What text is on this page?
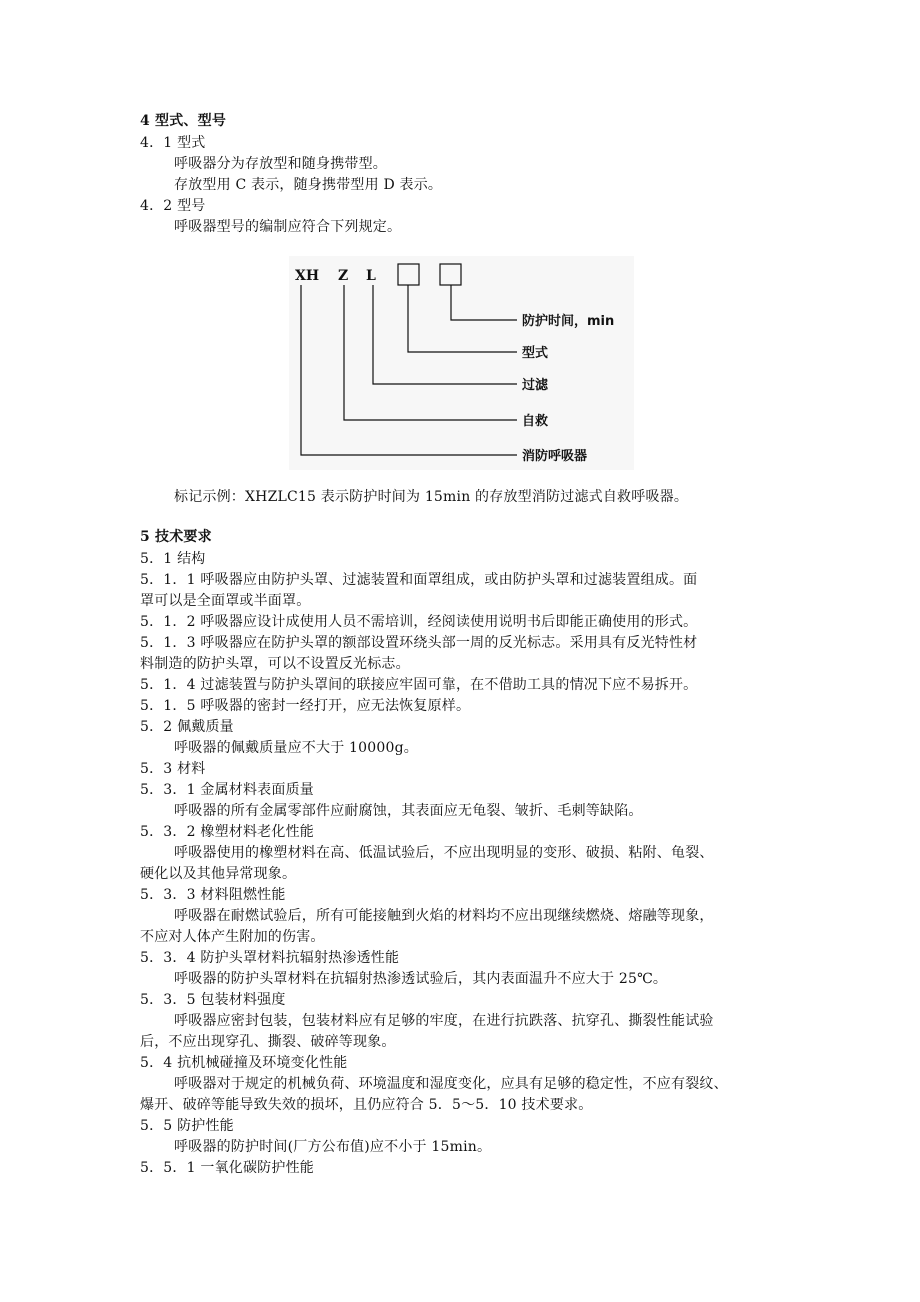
4 型式、型号
4．1 型式
呼吸器分为存放型和随身携带型。
存放型用 C 表示，随身携带型用 D 表示。
4．2 型号
呼吸器型号的编制应符合下列规定。
XH Z L
防护时间，min
型式
过滤
自救
消防呼吸器
标记示例：XHZLC15 表示防护时间为 15min 的存放型消防过滤式自救呼吸器。
5 技术要求
5．1 结构
5．1．1 呼吸器应由防护头罩、过滤装置和面罩组成，或由防护头罩和过滤装置组成。面
罩可以是全面罩或半面罩。
5．1．2 呼吸器应设计成使用人员不需培训，经阅读使用说明书后即能正确使用的形式。
5．1．3 呼吸器应在防护头罩的额部设置环绕头部一周的反光标志。采用具有反光特性材
料制造的防护头罩，可以不设置反光标志。
5．1．4 过滤装置与防护头罩间的联接应牢固可靠，在不借助工具的情况下应不易拆开。
5．1．5 呼吸器的密封一经打开，应无法恢复原样。
5．2 佩戴质量
呼吸器的佩戴质量应不大于 10000g。
5．3 材料
5．3．1 金属材料表面质量
呼吸器的所有金属零部件应耐腐蚀，其表面应无龟裂、皱折、毛刺等缺陷。
5．3．2 橡塑材料老化性能
呼吸器使用的橡塑材料在高、低温试验后，不应出现明显的变形、破损、粘附、龟裂、
硬化以及其他异常现象。
5．3．3 材料阻燃性能
呼吸器在耐燃试验后，所有可能接触到火焰的材料均不应出现继续燃烧、熔融等现象，
不应对人体产生附加的伤害。
5．3．4 防护头罩材料抗辐射热渗透性能
呼吸器的防护头罩材料在抗辐射热渗透试验后，其内表面温升不应大于 25℃。
5．3．5 包装材料强度
呼吸器应密封包装，包装材料应有足够的牢度，在进行抗跌落、抗穿孔、撕裂性能试验
后，不应出现穿孔、撕裂、破碎等现象。
5．4 抗机械碰撞及环境变化性能
呼吸器对于规定的机械负荷、环境温度和湿度变化，应具有足够的稳定性，不应有裂纹、
爆开、破碎等能导致失效的损坏，且仍应符合 5．5～5．10 技术要求。
5．5 防护性能
呼吸器的防护时间(厂方公布值)应不小于 15min。
5．5．1 一氧化碳防护性能
